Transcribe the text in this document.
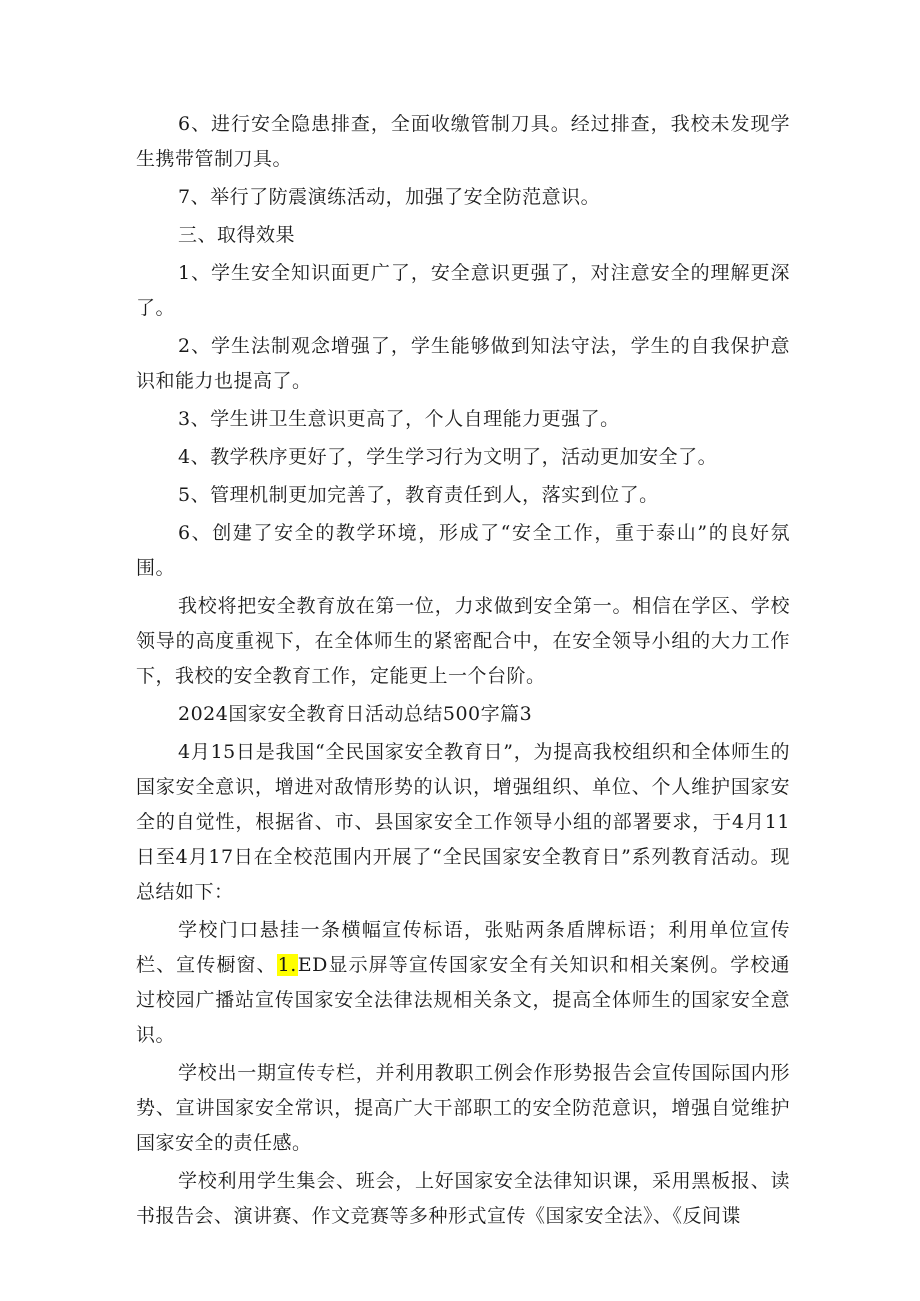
6、进行安全隐患排查，全面收缴管制刀具。经过排查，我校未发现学生携带管制刀具。

7、举行了防震演练活动，加强了安全防范意识。

三、取得效果

1、学生安全知识面更广了，安全意识更强了，对注意安全的理解更深了。

2、学生法制观念增强了，学生能够做到知法守法，学生的自我保护意识和能力也提高了。

3、学生讲卫生意识更高了，个人自理能力更强了。

4、教学秩序更好了，学生学习行为文明了，活动更加安全了。

5、管理机制更加完善了，教育责任到人，落实到位了。

6、创建了安全的教学环境，形成了“安全工作，重于泰山”的良好氛围。

我校将把安全教育放在第一位，力求做到安全第一。相信在学区、学校领导的高度重视下，在全体师生的紧密配合中，在安全领导小组的大力工作下，我校的安全教育工作，定能更上一个台阶。

2024国家安全教育日活动总结500字篇3

4月15日是我国“全民国家安全教育日”，为提高我校组织和全体师生的国家安全意识，增进对敌情形势的认识，增强组织、单位、个人维护国家安全的自觉性，根据省、市、县国家安全工作领导小组的部署要求，于4月11日至4月17日在全校范围内开展了“全民国家安全教育日”系列教育活动。现总结如下：

学校门口悬挂一条横幅宣传标语，张贴两条盾牌标语；利用单位宣传栏、宣传橱窗、1.ED显示屏等宣传国家安全有关知识和相关案例。学校通过校园广播站宣传国家安全法律法规相关条文，提高全体师生的国家安全意识。

学校出一期宣传专栏，并利用教职工例会作形势报告会宣传国际国内形势、宣讲国家安全常识，提高广大干部职工的安全防范意识，增强自觉维护国家安全的责任感。

学校利用学生集会、班会，上好国家安全法律知识课，采用黑板报、读书报告会、演讲赛、作文竞赛等多种形式宣传《国家安全法》、《反间谍
